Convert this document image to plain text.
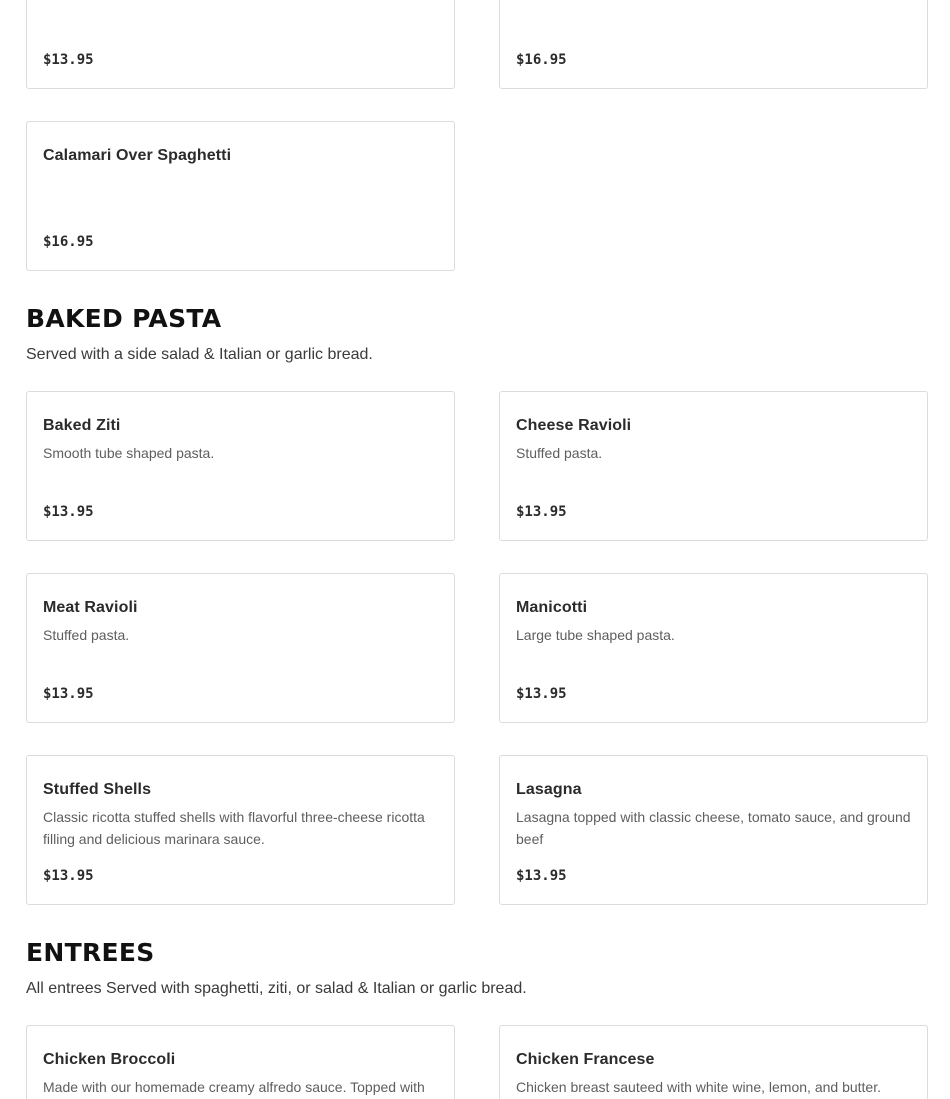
$13.95	$16.95
Calamari Over Spaghetti
$16.95
BAKED PASTA
Served with a side salad & Italian or garlic bread.
Baked Ziti
Smooth tube shaped pasta.
$13.95
Cheese Ravioli
Stuffed pasta.
$13.95
Meat Ravioli
Stuffed pasta.
$13.95
Manicotti
Large tube shaped pasta.
$13.95
Stuffed Shells
Classic ricotta stuffed shells with flavorful three-cheese ricotta filling and delicious marinara sauce.
$13.95
Lasagna
Lasagna topped with classic cheese, tomato sauce, and ground beef
$13.95
ENTREES
All entrees Served with spaghetti, ziti, or salad & Italian or garlic bread.
Chicken Broccoli
Made with our homemade creamy alfredo sauce. Topped with
Chicken Francese
Chicken breast sauteed with white wine, lemon, and butter.
